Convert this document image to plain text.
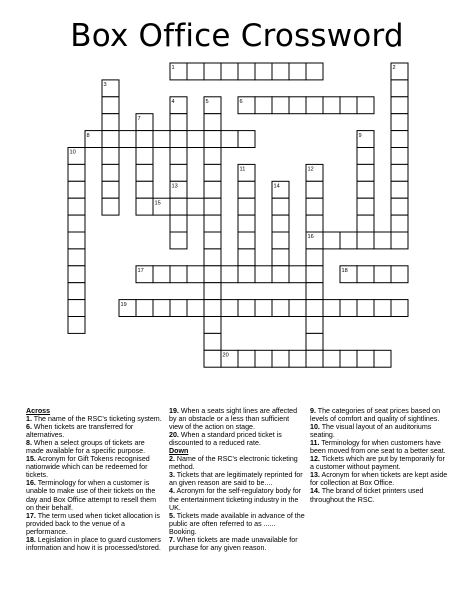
Box Office Crossword
1	2
3
4	5	6
7
8	9
10
11	12
13	14
15
16
17	18
19
20
Across

1. The name of the RSC's ticketing system.

6. When tickets are transferred for alternatives.

8. When a select groups of tickets are made available for a specific purpose.

15. Acronym for Gift Tokens recognised nationwide which can be redeemed for tickets.

16. Terminology for when a customer is unable to make use of their tickets on the day and Box Office attempt to resell them on their behalf.

17. The term used when ticket allocation is provided back to the venue of a performance.

18. Legislation in place to guard customers information and how it is processed/stored.

19. When a seats sight lines are affected by an obstacle or a less than sufficient view of the action on stage.

20. When a standard priced ticket is discounted to a reduced rate.

Down

2. Name of the RSC's electronic ticketing method.

3. Tickets that are legitimately reprinted for an given reason are said to be....

4. Acronym for the self-regulatory body for the entertainment ticketing industry in the UK.

5. Tickets made available in advance of the public are often referred to as ...... Booking.

7. When tickets are made unavailable for purchase for any given reason.

9. The categories of seat prices based on levels of comfort and quality of sightlines.

10. The visual layout of an auditoriums seating.

11. Terminology for when customers have been moved from one seat to a better seat.

12. Tickets which are put by temporarily for a customer without payment.

13. Acronym for when tickets are kept aside for collection at Box Office.

14. The brand of ticket printers used throughout the RSC.
